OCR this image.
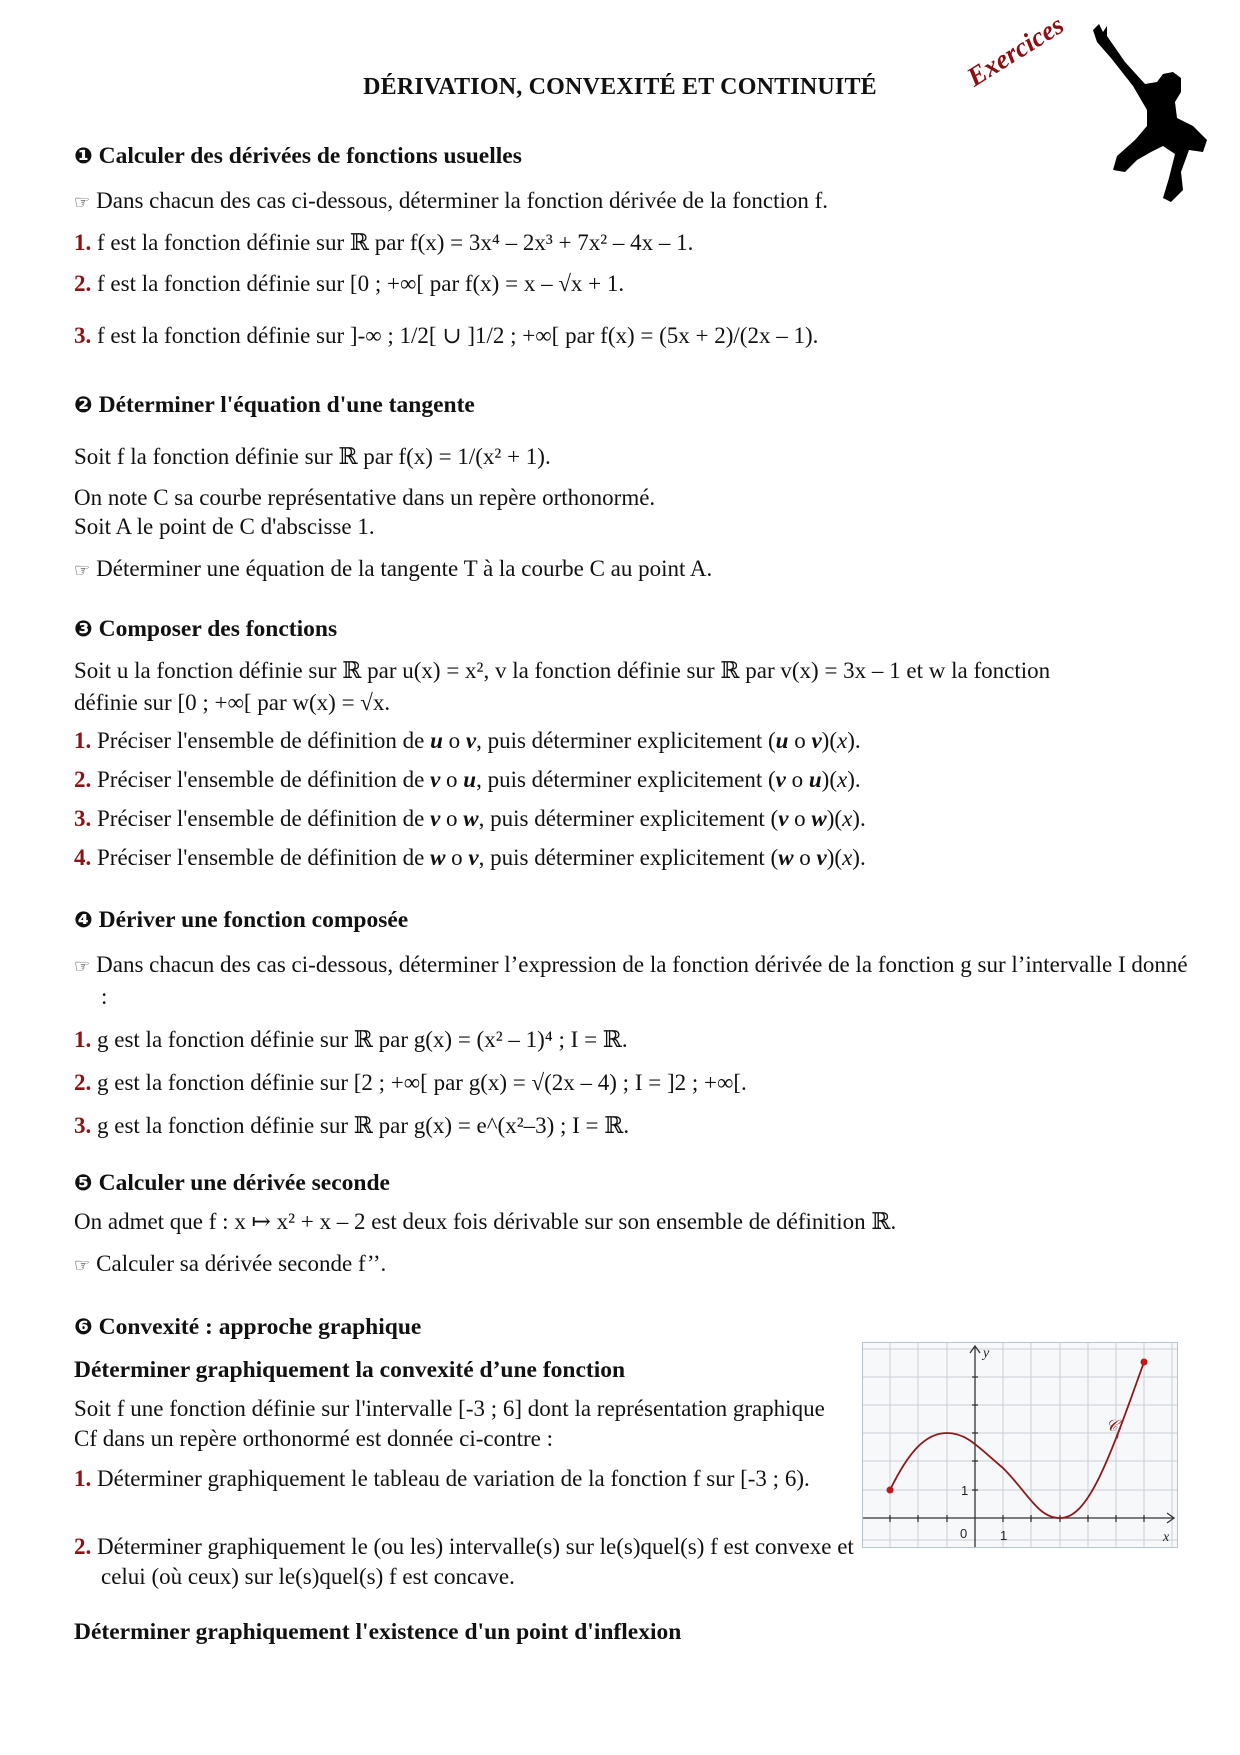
DÉRIVATION, CONVEXITÉ ET CONTINUITÉ	Exercices
❶ Calculer des dérivées de fonctions usuelles
☞ Dans chacun des cas ci-dessous, déterminer la fonction dérivée de la fonction f.
1. f est la fonction définie sur ℝ par f(x) = 3x⁴ – 2x³ + 7x² – 4x – 1.
2. f est la fonction définie sur [0 ; +∞[ par f(x) = x – √x + 1.
3. f est la fonction définie sur ]-∞ ; 1/2[ ∪ ]1/2 ; +∞[ par f(x) = (5x + 2)/(2x – 1).
❷ Déterminer l'équation d'une tangente
Soit f la fonction définie sur ℝ par f(x) = 1/(x² + 1).
On note C sa courbe représentative dans un repère orthonormé.
Soit A le point de C d'abscisse 1.
☞ Déterminer une équation de la tangente T à la courbe C au point A.
❸ Composer des fonctions
Soit u la fonction définie sur ℝ par u(x) = x², v la fonction définie sur ℝ par v(x) = 3x – 1 et w la fonction définie sur [0 ; +∞[ par w(x) = √x.
1. Préciser l'ensemble de définition de u o v, puis déterminer explicitement (u o v)(x).
2. Préciser l'ensemble de définition de v o u, puis déterminer explicitement (v o u)(x).
3. Préciser l'ensemble de définition de v o w, puis déterminer explicitement (v o w)(x).
4. Préciser l'ensemble de définition de w o v, puis déterminer explicitement (w o v)(x).
❹ Dériver une fonction composée
☞ Dans chacun des cas ci-dessous, déterminer l’expression de la fonction dérivée de la fonction g sur l’intervalle I donné :
1. g est la fonction définie sur ℝ par g(x) = (x² – 1)⁴ ; I = ℝ.
2. g est la fonction définie sur [2 ; +∞[ par g(x) = √(2x – 4) ; I = ]2 ; +∞[.
3. g est la fonction définie sur ℝ par g(x) = e^(x²–3) ; I = ℝ.
❺ Calculer une dérivée seconde
On admet que f : x ↦ x² + x – 2 est deux fois dérivable sur son ensemble de définition ℝ.
☞ Calculer sa dérivée seconde f’’.
❻ Convexité : approche graphique
Déterminer graphiquement la convexité d’une fonction
Soit f une fonction définie sur l'intervalle [-3 ; 6] dont la représentation graphique Cf dans un repère orthonormé est donnée ci-contre :
1. Déterminer graphiquement le tableau de variation de la fonction f sur [-3 ; 6).
2. Déterminer graphiquement le (ou les) intervalle(s) sur le(s)quel(s) f est convexe et celui (où ceux) sur le(s)quel(s) f est concave.
Déterminer graphiquement l'existence d'un point d'inflexion
y
x
0	1
1
𝒞 f
